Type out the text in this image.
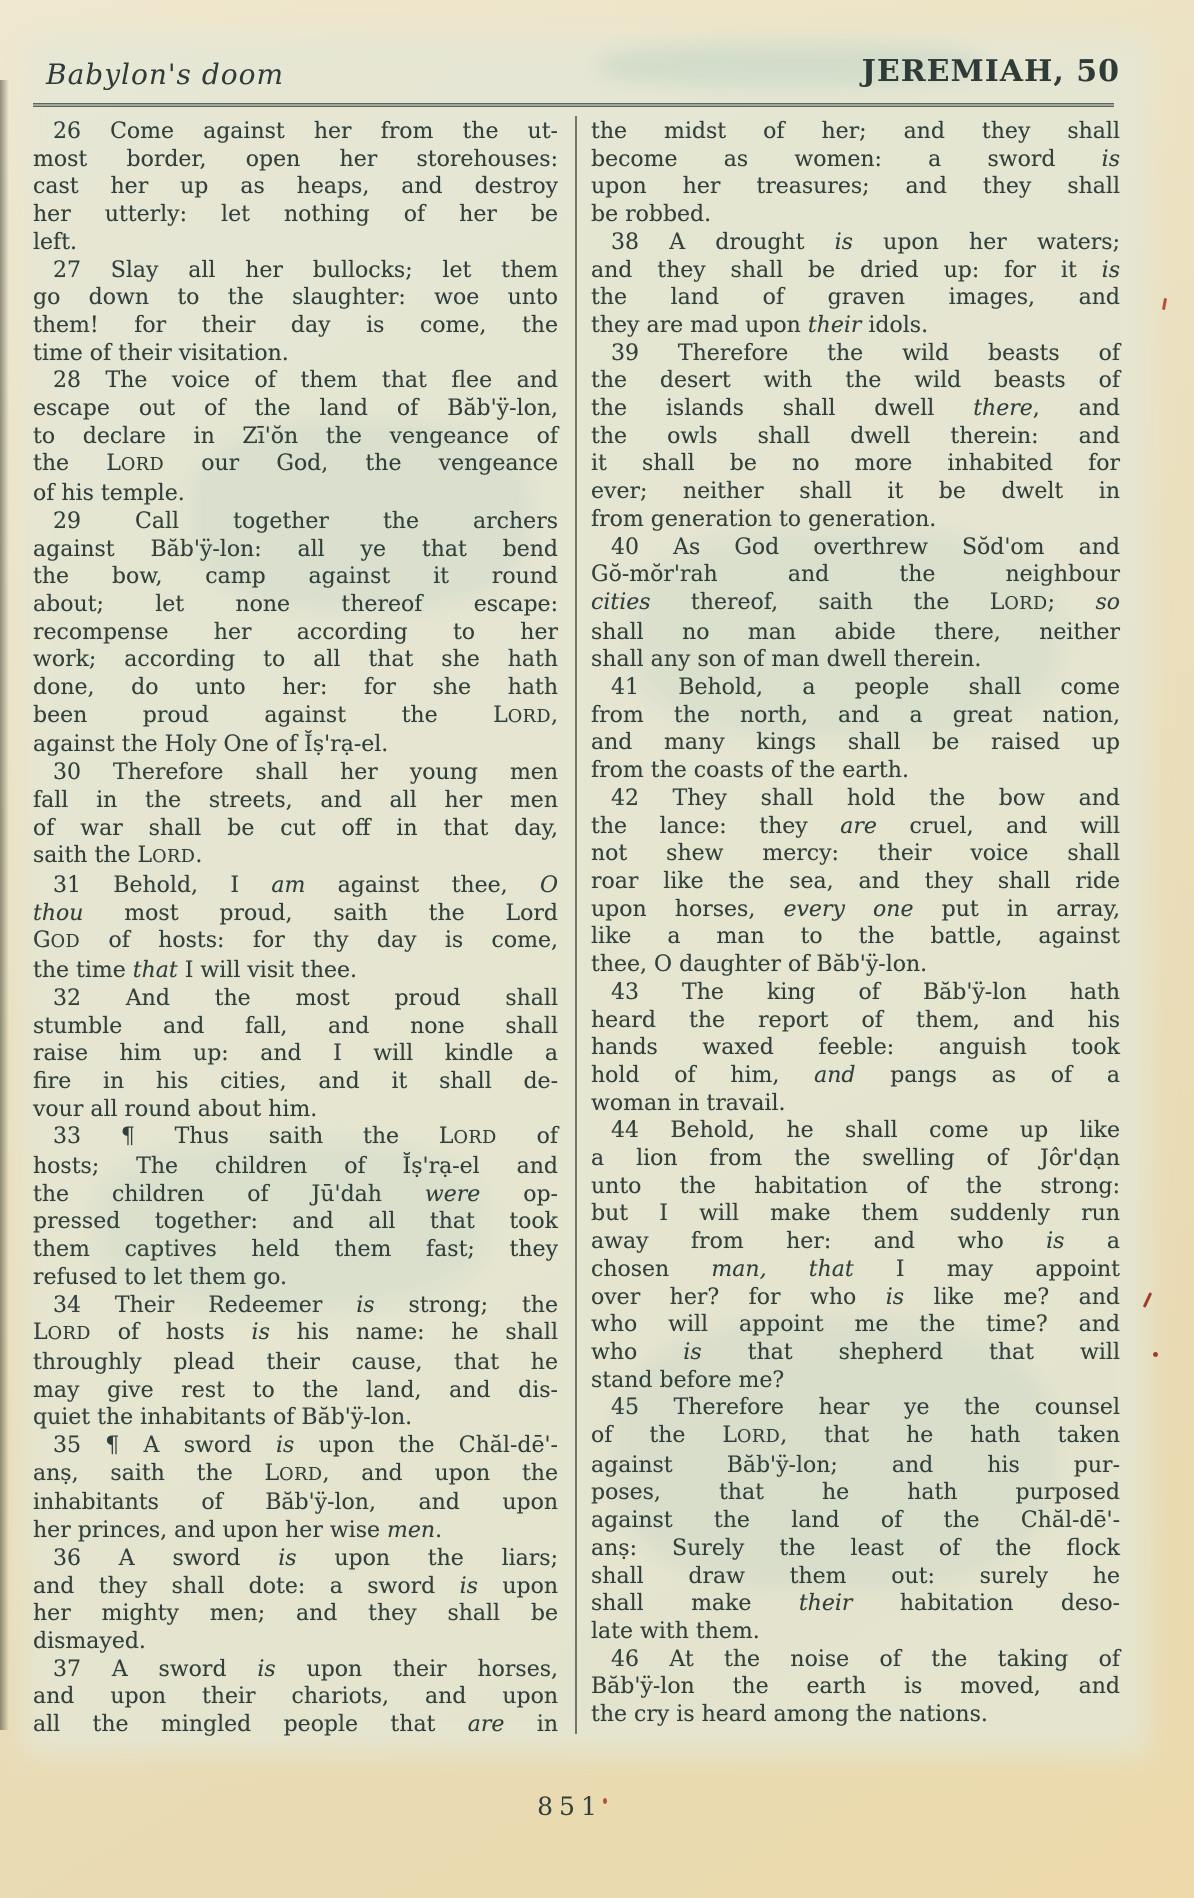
Babylon's doom	JEREMIAH, 50
26 Come against her from the ut-
most border, open her storehouses:
cast her up as heaps, and destroy
her utterly: let nothing of her be
left.
27 Slay all her bullocks; let them
go down to the slaughter: woe unto
them! for their day is come, the
time of their visitation.
28 The voice of them that flee and
escape out of the land of Băb'ÿ-lon,
to declare in Zī'ŏn the vengeance of
the LORD our God, the vengeance
of his temple.
29 Call together the archers
against Băb'ÿ-lon: all ye that bend
the bow, camp against it round
about; let none thereof escape:
recompense her according to her
work; according to all that she hath
done, do unto her: for she hath
been proud against the LORD,
against the Holy One of Ĭṣ'rạ-el.
30 Therefore shall her young men
fall in the streets, and all her men
of war shall be cut off in that day,
saith the LORD.
31 Behold, I am against thee, O
thou most proud, saith the Lord
GOD of hosts: for thy day is come,
the time that I will visit thee.
32 And the most proud shall
stumble and fall, and none shall
raise him up: and I will kindle a
fire in his cities, and it shall de-
vour all round about him.
33 ¶ Thus saith the LORD of
hosts; The children of Ĭṣ'rạ-el and
the children of Jū'dah were op-
pressed together: and all that took
them captives held them fast; they
refused to let them go.
34 Their Redeemer is strong; the
LORD of hosts is his name: he shall
throughly plead their cause, that he
may give rest to the land, and dis-
quiet the inhabitants of Băb'ÿ-lon.
35 ¶ A sword is upon the Chăl-dē'-
anṣ, saith the LORD, and upon the
inhabitants of Băb'ÿ-lon, and upon
her princes, and upon her wise men.
36 A sword is upon the liars;
and they shall dote: a sword is upon
her mighty men; and they shall be
dismayed.
37 A sword is upon their horses,
and upon their chariots, and upon
all the mingled people that are in
the midst of her; and they shall
become as women: a sword is
upon her treasures; and they shall
be robbed.
38 A drought is upon her waters;
and they shall be dried up: for it is
the land of graven images, and
they are mad upon their idols.
39 Therefore the wild beasts of
the desert with the wild beasts of
the islands shall dwell there, and
the owls shall dwell therein: and
it shall be no more inhabited for
ever; neither shall it be dwelt in
from generation to generation.
40 As God overthrew Sŏd'om and
Gŏ-mŏr'rah and the neighbour
cities thereof, saith the LORD; so
shall no man abide there, neither
shall any son of man dwell therein.
41 Behold, a people shall come
from the north, and a great nation,
and many kings shall be raised up
from the coasts of the earth.
42 They shall hold the bow and
the lance: they are cruel, and will
not shew mercy: their voice shall
roar like the sea, and they shall ride
upon horses, every one put in array,
like a man to the battle, against
thee, O daughter of Băb'ÿ-lon.
43 The king of Băb'ÿ-lon hath
heard the report of them, and his
hands waxed feeble: anguish took
hold of him, and pangs as of a
woman in travail.
44 Behold, he shall come up like
a lion from the swelling of Jôr'dạn
unto the habitation of the strong:
but I will make them suddenly run
away from her: and who is a
chosen man, that I may appoint
over her? for who is like me? and
who will appoint me the time? and
who is that shepherd that will
stand before me?
45 Therefore hear ye the counsel
of the LORD, that he hath taken
against Băb'ÿ-lon; and his pur-
poses, that he hath purposed
against the land of the Chăl-dē'-
anṣ: Surely the least of the flock
shall draw them out: surely he
shall make their habitation deso-
late with them.
46 At the noise of the taking of
Băb'ÿ-lon the earth is moved, and
the cry is heard among the nations.
851
